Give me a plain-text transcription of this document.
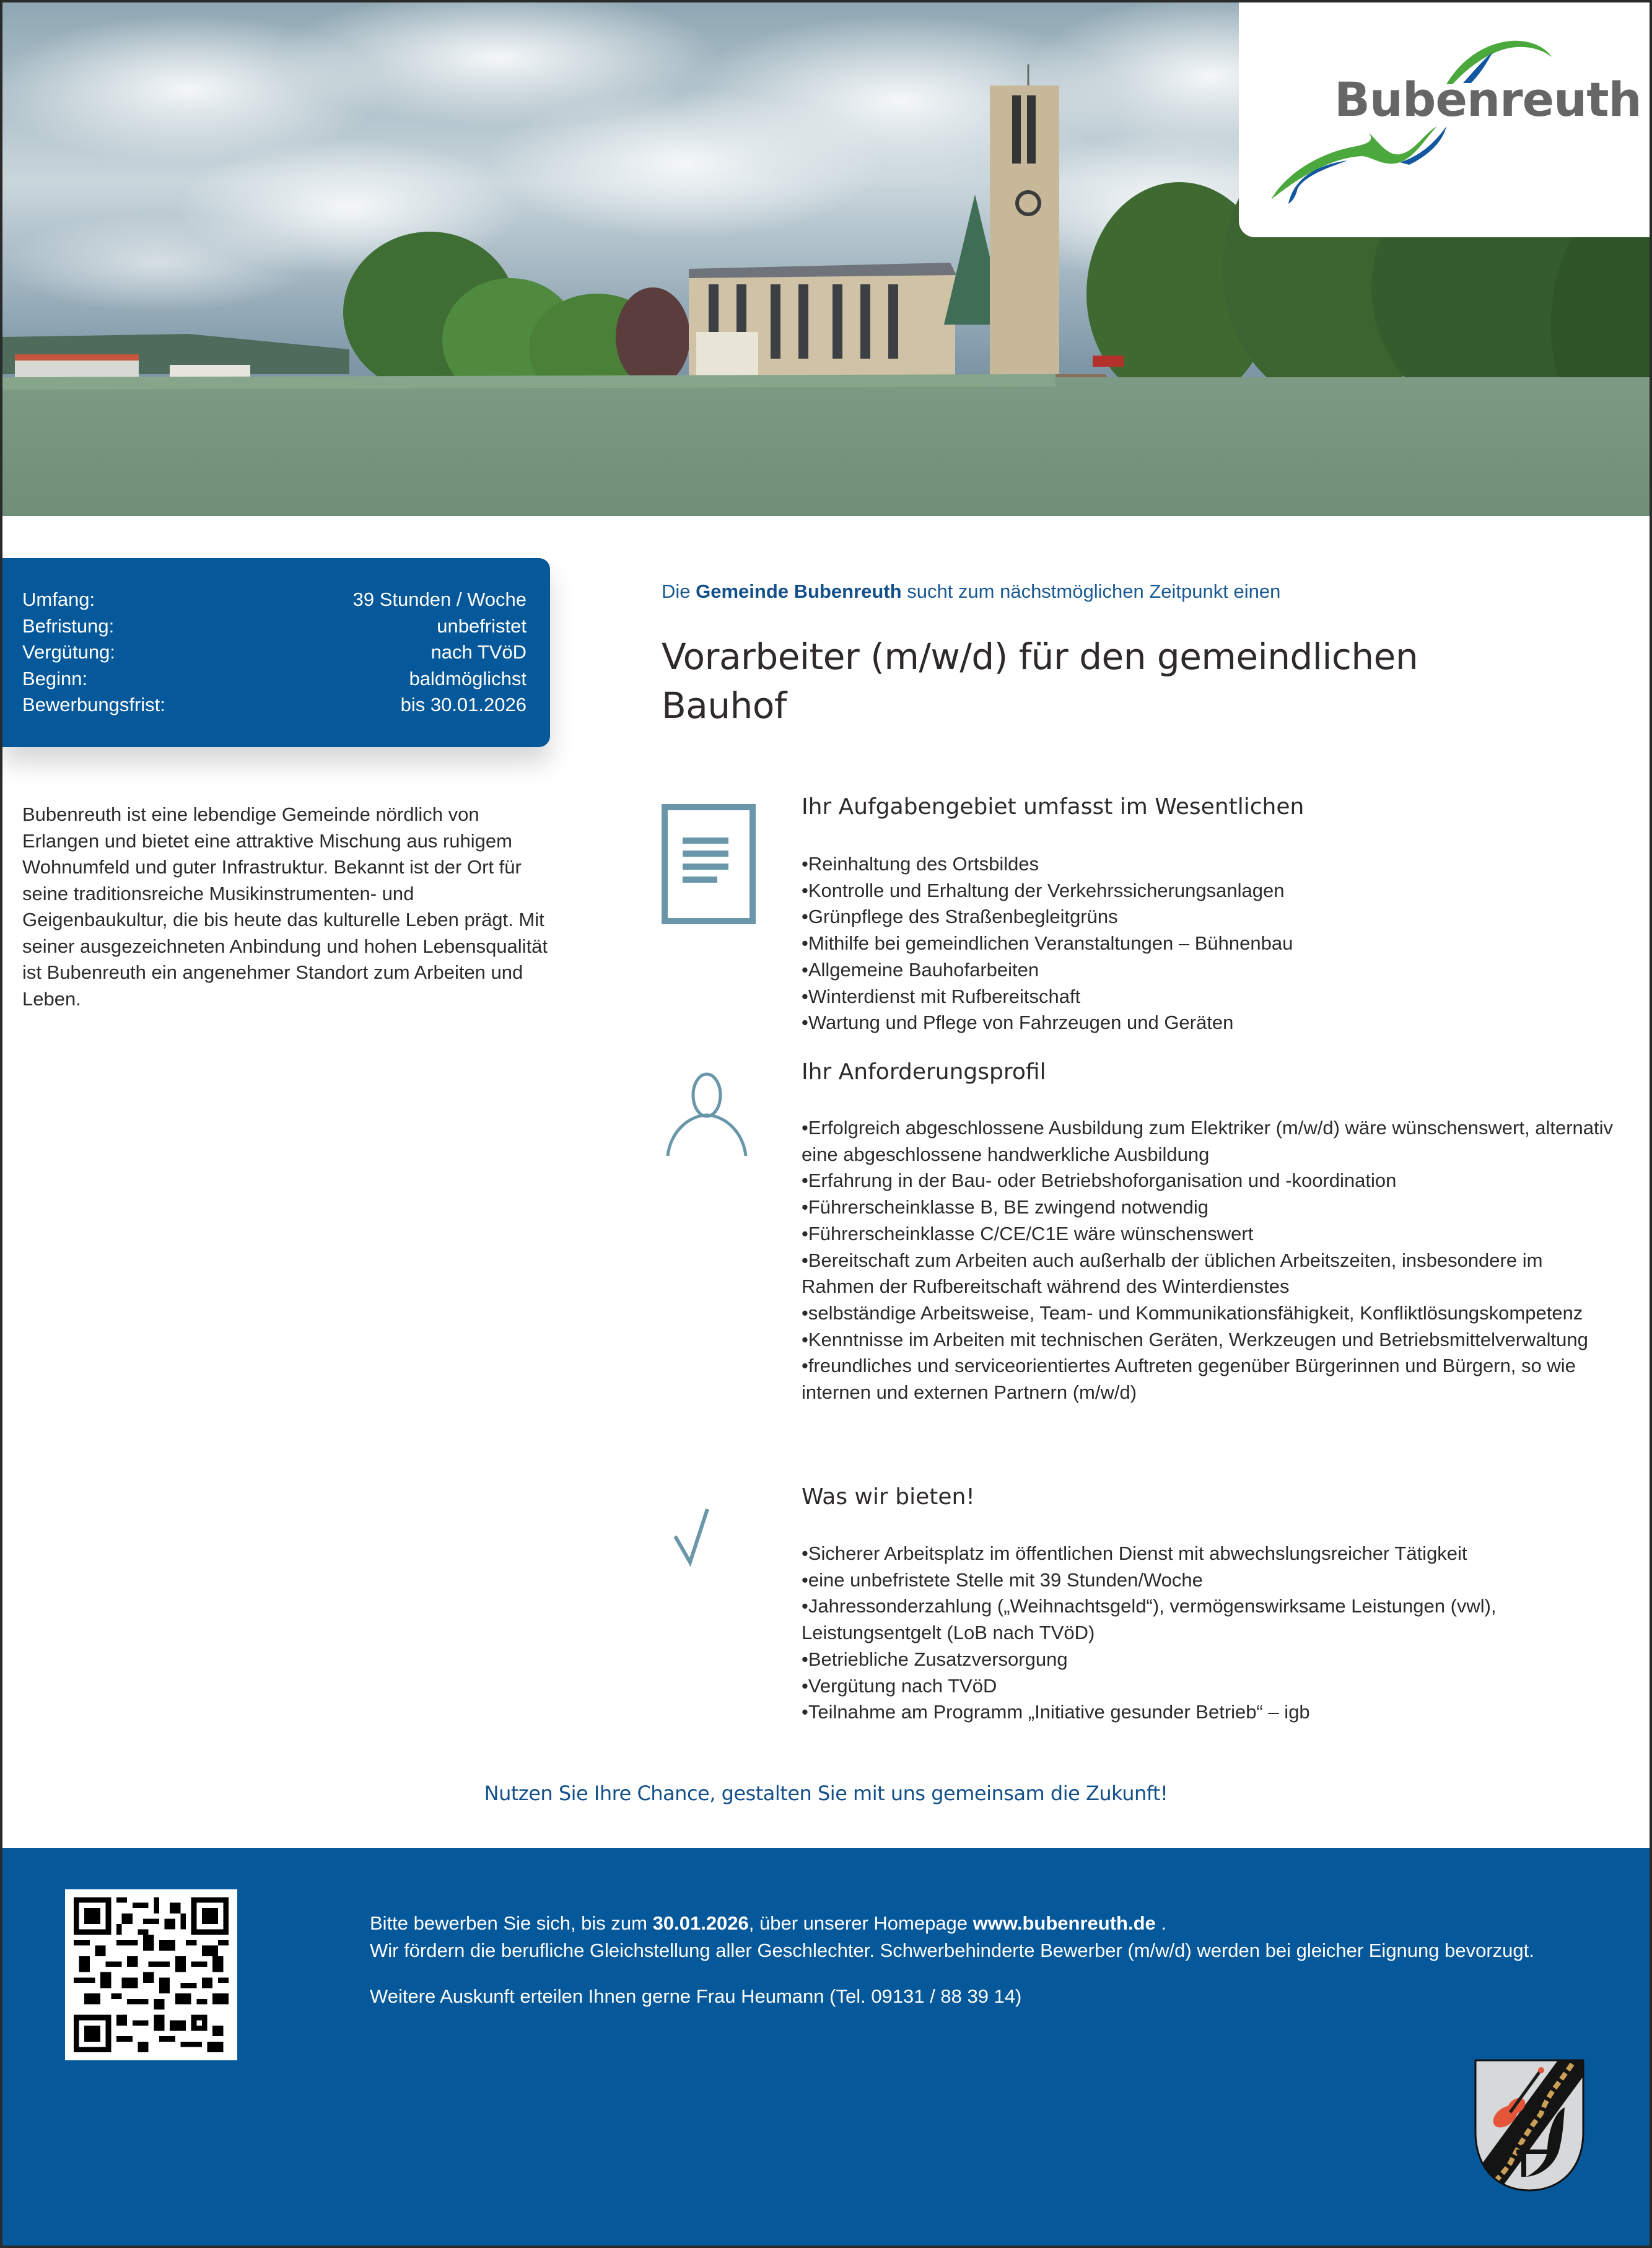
Bubenreuth
Umfang:	39 Stunden / Woche
Befristung:	unbefristet
Vergütung:	nach TVöD
Beginn:	baldmöglichst
Bewerbungsfrist:	bis 30.01.2026

Bubenreuth ist eine lebendige Gemeinde nördlich von Erlangen und bietet eine attraktive Mischung aus ruhigem Wohnumfeld und guter Infrastruktur. Bekannt ist der Ort für seine traditionsreiche Musikinstrumenten- und Geigenbaukultur, die bis heute das kulturelle Leben prägt. Mit seiner ausgezeichneten Anbindung und hohen Lebensqualität ist Bubenreuth ein angenehmer Standort zum Arbeiten und Leben.

Die Gemeinde Bubenreuth sucht zum nächstmöglichen Zeitpunkt einen
Vorarbeiter (m/w/d) für den gemeindlichen
Bauhof
Ihr Aufgabengebiet umfasst im Wesentlichen
• Reinhaltung des Ortsbildes
• Kontrolle und Erhaltung der Verkehrssicherungsanlagen
• Grünpflege des Straßenbegleitgrüns
• Mithilfe bei gemeindlichen Veranstaltungen – Bühnenbau
• Allgemeine Bauhofarbeiten
• Winterdienst mit Rufbereitschaft
• Wartung und Pflege von Fahrzeugen und Geräten
Ihr Anforderungsprofil
• Erfolgreich abgeschlossene Ausbildung zum Elektriker (m/w/d) wäre wünschenswert, alternativ eine abgeschlossene handwerkliche Ausbildung
• Erfahrung in der Bau- oder Betriebshoforganisation und -koordination
• Führerscheinklasse B, BE zwingend notwendig
• Führerscheinklasse C/CE/C1E wäre wünschenswert
• Bereitschaft zum Arbeiten auch außerhalb der üblichen Arbeitszeiten, insbesondere im Rahmen der Rufbereitschaft während des Winterdienstes
• selbständige Arbeitsweise, Team- und Kommunikationsfähigkeit, Konfliktlösungskompetenz
• Kenntnisse im Arbeiten mit technischen Geräten, Werkzeugen und Betriebsmittelverwaltung
• freundliches und serviceorientiertes Auftreten gegenüber Bürgerinnen und Bürgern, so wie internen und externen Partnern (m/w/d)
Was wir bieten!
• Sicherer Arbeitsplatz im öffentlichen Dienst mit abwechslungsreicher Tätigkeit
• eine unbefristete Stelle mit 39 Stunden/Woche
• Jahressonderzahlung („Weihnachtsgeld“), vermögenswirksame Leistungen (vwl), Leistungsentgelt (LoB nach TVöD)
• Betriebliche Zusatzversorgung
• Vergütung nach TVöD
• Teilnahme am Programm „Initiative gesunder Betrieb“ – igb
Nutzen Sie Ihre Chance, gestalten Sie mit uns gemeinsam die Zukunft!

Bitte bewerben Sie sich, bis zum 30.01.2026, über unserer Homepage www.bubenreuth.de .

Wir fördern die berufliche Gleichstellung aller Geschlechter. Schwerbehinderte Bewerber (m/w/d) werden bei gleicher Eignung bevorzugt.

Weitere Auskunft erteilen Ihnen gerne Frau Heumann (Tel. 09131 / 88 39 14)
